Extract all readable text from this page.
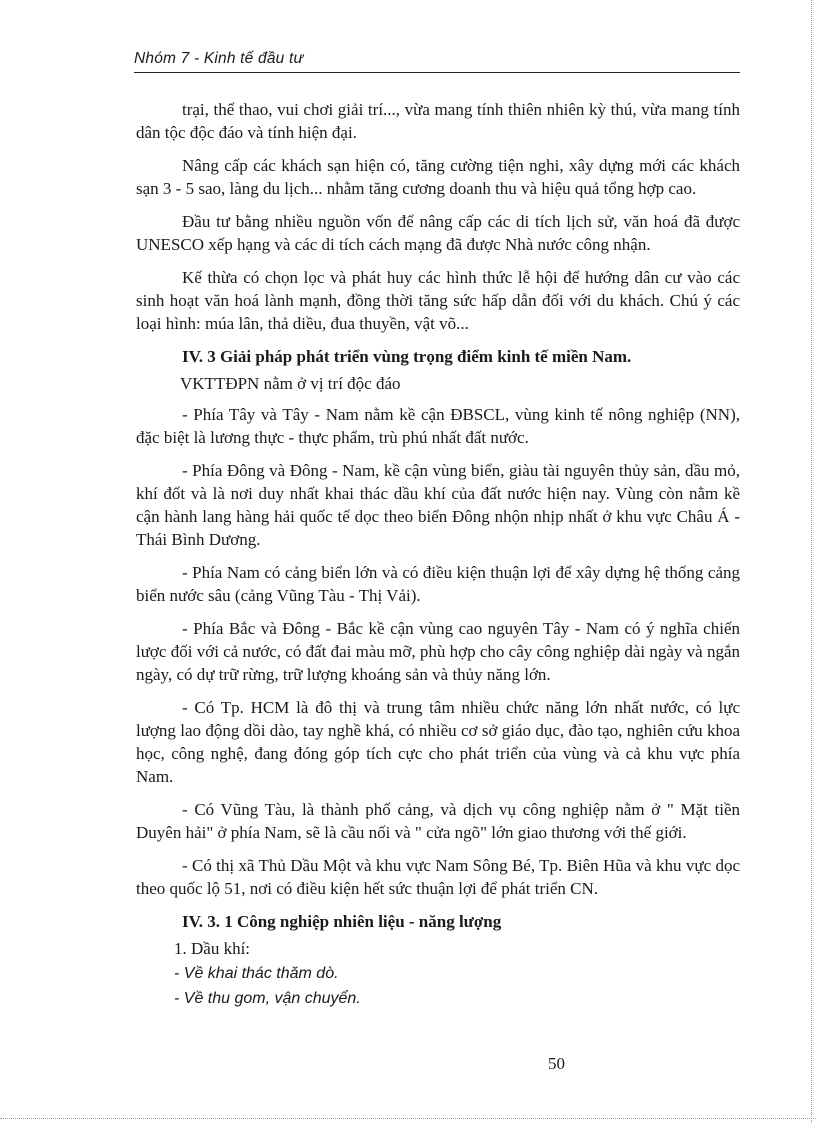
Nhóm 7 - Kinh tế đầu tư

trại, thể thao, vui chơi giải trí..., vừa mang tính thiên nhiên kỳ thú, vừa mang tính dân tộc độc đáo và tính hiện đại.

Nâng cấp các khách sạn hiện có, tăng cường tiện nghi, xây dựng mới các khách sạn 3 - 5 sao, làng du lịch... nhằm tăng cương doanh thu và hiệu quả tổng hợp cao.

Đầu tư bằng nhiều nguồn vốn để nâng cấp các di tích lịch sử, văn hoá đã được UNESCO xếp hạng và các di tích cách mạng đã được Nhà nước công nhận.

Kế thừa có chọn lọc và phát huy các hình thức lễ hội để hướng dân cư vào các sinh hoạt văn hoá lành mạnh, đồng thời tăng sức hấp dẫn đối với du khách. Chú ý các loại hình: múa lân, thả diều, đua thuyền, vật võ...

IV. 3 Giải pháp phát triển vùng trọng điểm kinh tế miền Nam.

VKTTĐPN nằm ở vị trí độc đáo

- Phía Tây và Tây - Nam nằm kề cận ĐBSCL, vùng kinh tế nông nghiệp (NN), đặc biệt là lương thực - thực phẩm, trù phú nhất đất nước.

- Phía Đông và Đông - Nam, kề cận vùng biển, giàu tài nguyên thủy sản, dầu mỏ, khí đốt và là nơi duy nhất khai thác dầu khí của đất nước hiện nay. Vùng còn nằm kề cận hành lang hàng hải quốc tế dọc theo biển Đông nhộn nhịp nhất ở khu vực Châu Á - Thái Bình Dương.

- Phía Nam có cảng biển lớn và có điều kiện thuận lợi để xây dựng hệ thống cảng biển nước sâu (cảng Vũng Tàu - Thị Vải).

- Phía Bắc và Đông - Bắc kề cận vùng cao nguyên Tây - Nam có ý nghĩa chiến lược đối với cả nước, có đất đai màu mỡ, phù hợp cho cây công nghiệp dài ngày và ngắn ngày, có dự trữ rừng, trữ lượng khoáng sản và thủy năng lớn.

- Có Tp. HCM là đô thị và trung tâm nhiều chức năng lớn nhất nước, có lực lượng lao động dồi dào, tay nghề khá, có nhiều cơ sở giáo dục, đào tạo, nghiên cứu khoa học, công nghệ, đang đóng góp tích cực cho phát triển của vùng và cả khu vực phía Nam.

- Có Vũng Tàu, là thành phố cảng, và dịch vụ công nghiệp nằm ở " Mặt tiền Duyên hải" ở phía Nam, sẽ là cầu nối và " cửa ngõ" lớn giao thương với thế giới.

- Có thị xã Thủ Dầu Một và khu vực Nam Sông Bé, Tp. Biên Hũa và khu vực dọc theo quốc lộ 51, nơi có điều kiện hết sức thuận lợi để phát triển CN.

IV. 3. 1 Công nghiệp nhiên liệu - năng lượng

1. Dầu khí:

- Về khai thác thăm dò.

- Về thu gom, vận chuyển.

50
